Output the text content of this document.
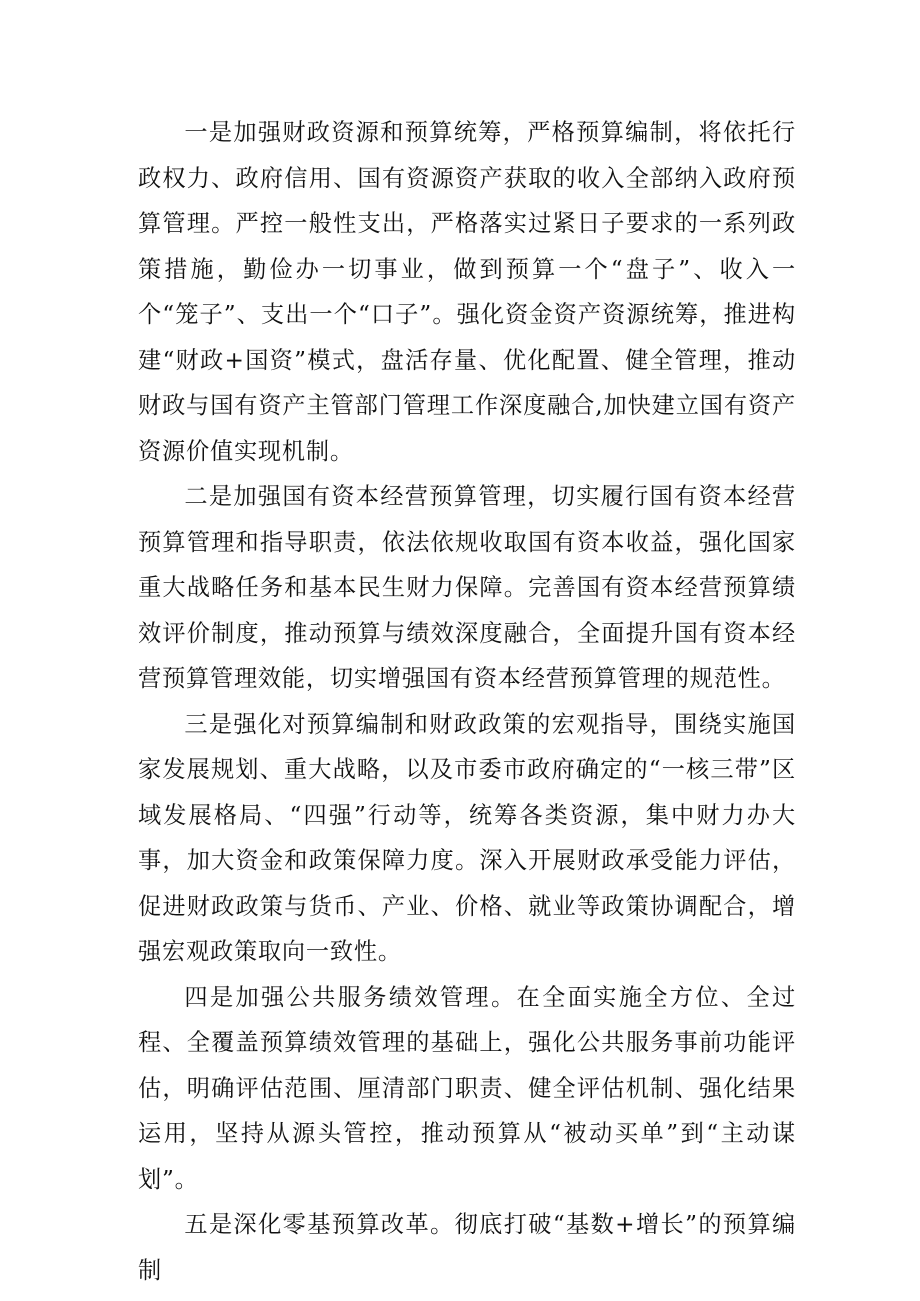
一是加强财政资源和预算统筹，严格预算编制，将依托行政权力、政府信用、国有资源资产获取的收入全部纳入政府预算管理。严控一般性支出，严格落实过紧日子要求的一系列政策措施，勤俭办一切事业，做到预算一个“盘子”、收入一个“笼子”、支出一个“口子”。强化资金资产资源统筹，推进构建“财政+国资”模式，盘活存量、优化配置、健全管理，推动财政与国有资产主管部门管理工作深度融合,加快建立国有资产资源价值实现机制。

二是加强国有资本经营预算管理，切实履行国有资本经营预算管理和指导职责，依法依规收取国有资本收益，强化国家重大战略任务和基本民生财力保障。完善国有资本经营预算绩效评价制度，推动预算与绩效深度融合，全面提升国有资本经营预算管理效能，切实增强国有资本经营预算管理的规范性。

三是强化对预算编制和财政政策的宏观指导，围绕实施国家发展规划、重大战略，以及市委市政府确定的“一核三带”区域发展格局、“四强”行动等，统筹各类资源，集中财力办大事，加大资金和政策保障力度。深入开展财政承受能力评估，促进财政政策与货币、产业、价格、就业等政策协调配合，增强宏观政策取向一致性。

四是加强公共服务绩效管理。在全面实施全方位、全过程、全覆盖预算绩效管理的基础上，强化公共服务事前功能评估，明确评估范围、厘清部门职责、健全评估机制、强化结果运用，坚持从源头管控，推动预算从“被动买单”到“主动谋划”。

五是深化零基预算改革。彻底打破“基数+增长”的预算编制
